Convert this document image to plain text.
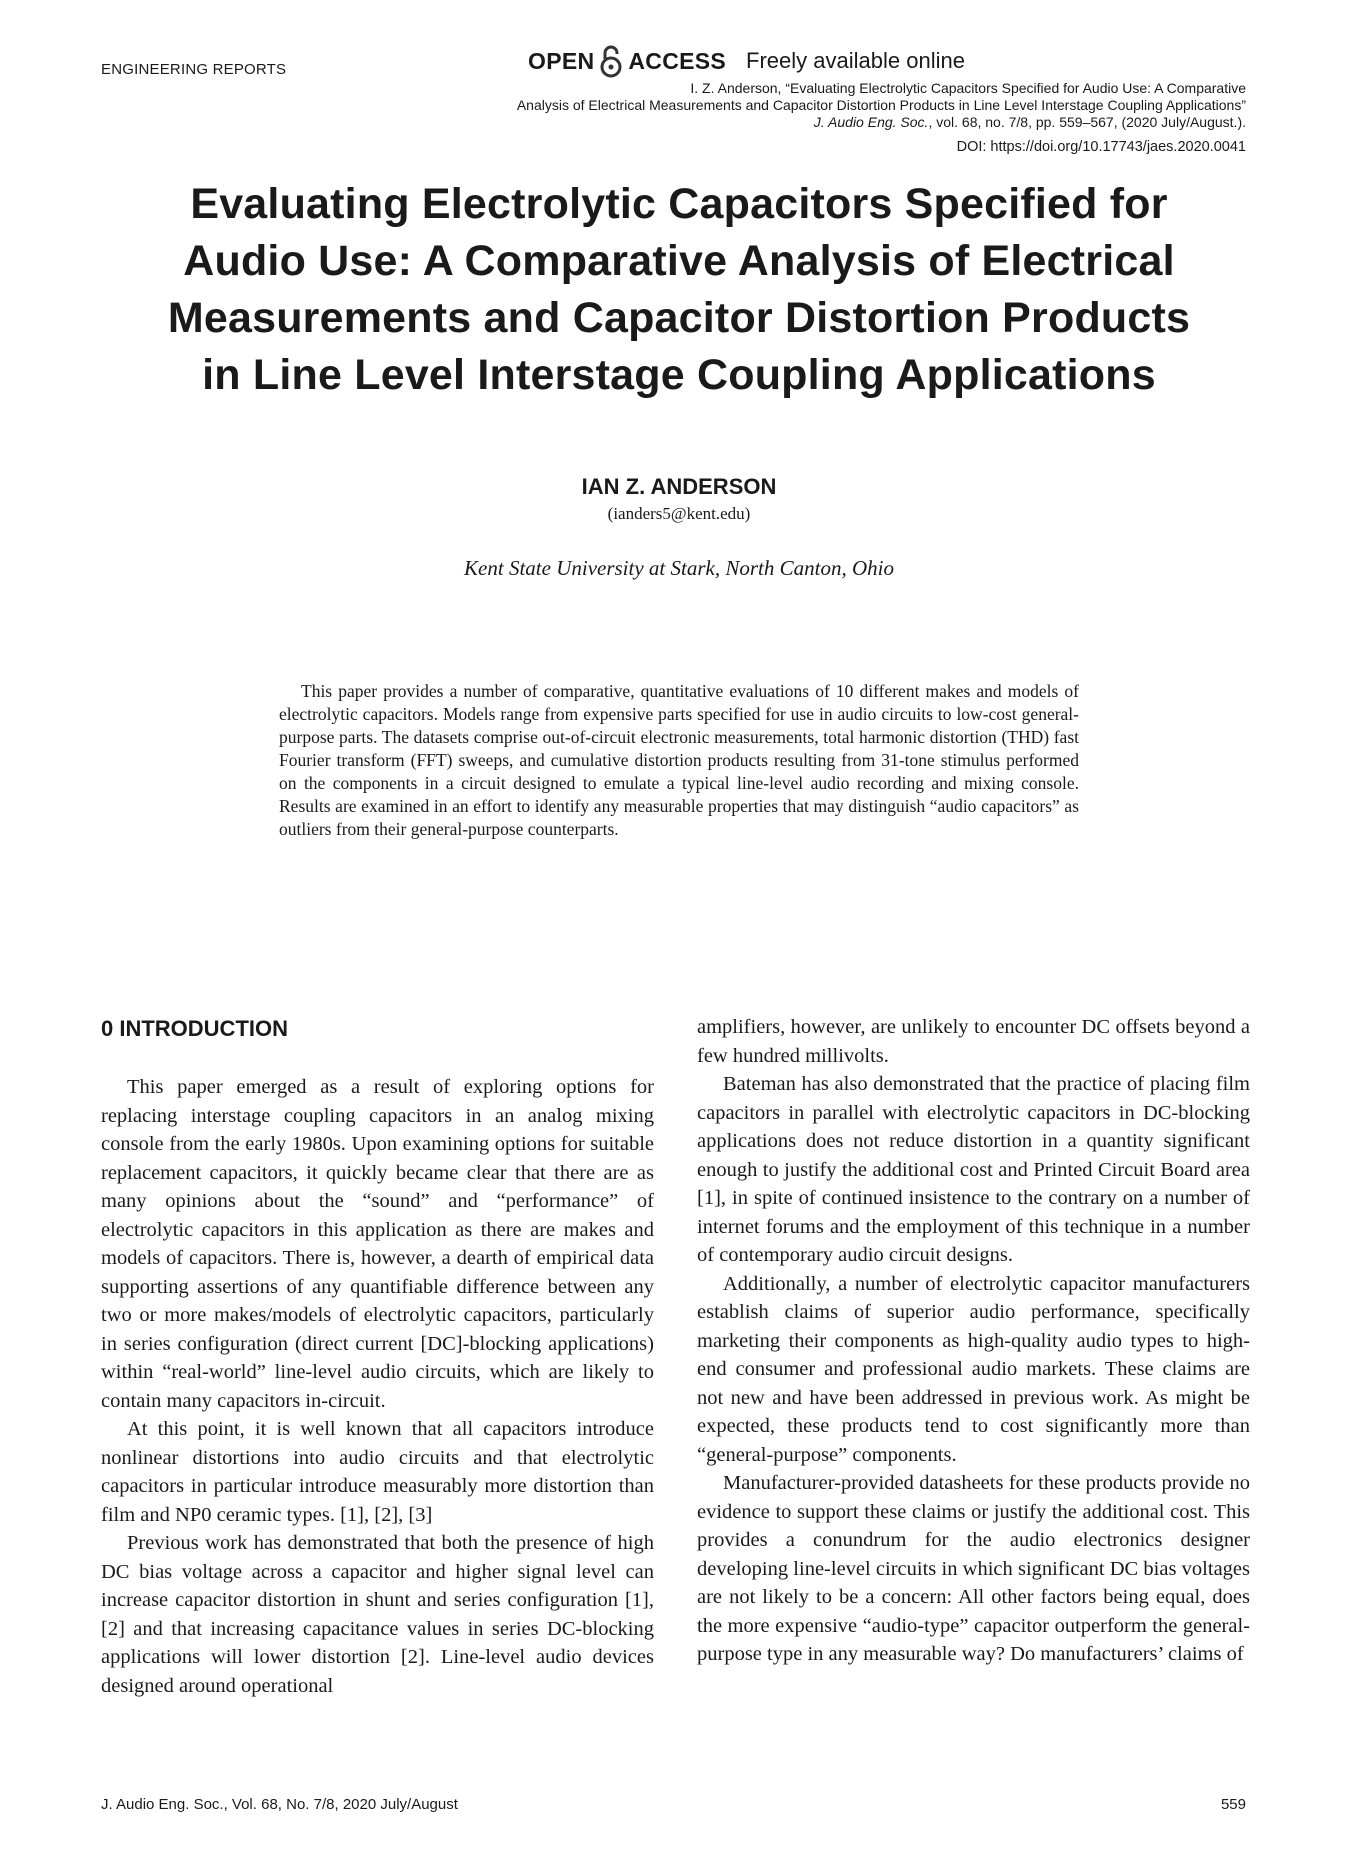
ENGINEERING REPORTS	OPEN ACCESS Freely available online
I. Z. Anderson, “Evaluating Electrolytic Capacitors Specified for Audio Use: A Comparative
Analysis of Electrical Measurements and Capacitor Distortion Products in Line Level Interstage Coupling Applications”
J. Audio Eng. Soc., vol. 68, no. 7/8, pp. 559–567, (2020 July/August.).
DOI: https://doi.org/10.17743/jaes.2020.0041
Evaluating Electrolytic Capacitors Specified for
Audio Use: A Comparative Analysis of Electrical
Measurements and Capacitor Distortion Products
in Line Level Interstage Coupling Applications
IAN Z. ANDERSON
(ianders5@kent.edu)
Kent State University at Stark, North Canton, Ohio

This paper provides a number of comparative, quantitative evaluations of 10 different makes and models of electrolytic capacitors. Models range from expensive parts specified for use in audio circuits to low-cost general-purpose parts. The datasets comprise out-of-circuit electronic measurements, total harmonic distortion (THD) fast Fourier transform (FFT) sweeps, and cumulative distortion products resulting from 31-tone stimulus performed on the components in a circuit designed to emulate a typical line-level audio recording and mixing console. Results are examined in an effort to identify any measurable properties that may distinguish “audio capacitors” as outliers from their general-purpose counterparts.

0 INTRODUCTION

This paper emerged as a result of exploring options for replacing interstage coupling capacitors in an analog mixing console from the early 1980s. Upon examining options for suitable replacement capacitors, it quickly became clear that there are as many opinions about the “sound” and “performance” of electrolytic capacitors in this application as there are makes and models of capacitors. There is, however, a dearth of empirical data supporting assertions of any quantifiable difference between any two or more makes/models of electrolytic capacitors, particularly in series configuration (direct current [DC]-blocking applications) within “real-world” line-level audio circuits, which are likely to contain many capacitors in-circuit.

At this point, it is well known that all capacitors introduce nonlinear distortions into audio circuits and that electrolytic capacitors in particular introduce measurably more distortion than film and NP0 ceramic types. [1], [2], [3]

Previous work has demonstrated that both the presence of high DC bias voltage across a capacitor and higher signal level can increase capacitor distortion in shunt and series configuration [1], [2] and that increasing capacitance values in series DC-blocking applications will lower distortion [2]. Line-level audio devices designed around operational

amplifiers, however, are unlikely to encounter DC offsets beyond a few hundred millivolts.

Bateman has also demonstrated that the practice of placing film capacitors in parallel with electrolytic capacitors in DC-blocking applications does not reduce distortion in a quantity significant enough to justify the additional cost and Printed Circuit Board area [1], in spite of continued insistence to the contrary on a number of internet forums and the employment of this technique in a number of contemporary audio circuit designs.

Additionally, a number of electrolytic capacitor manufacturers establish claims of superior audio performance, specifically marketing their components as high-quality audio types to high-end consumer and professional audio markets. These claims are not new and have been addressed in previous work. As might be expected, these products tend to cost significantly more than “general-purpose” components.

Manufacturer-provided datasheets for these products provide no evidence to support these claims or justify the additional cost. This provides a conundrum for the audio electronics designer developing line-level circuits in which significant DC bias voltages are not likely to be a concern: All other factors being equal, does the more expensive “audio-type” capacitor outperform the general-purpose type in any measurable way? Do manufacturers’ claims of

J. Audio Eng. Soc., Vol. 68, No. 7/8, 2020 July/August	559
